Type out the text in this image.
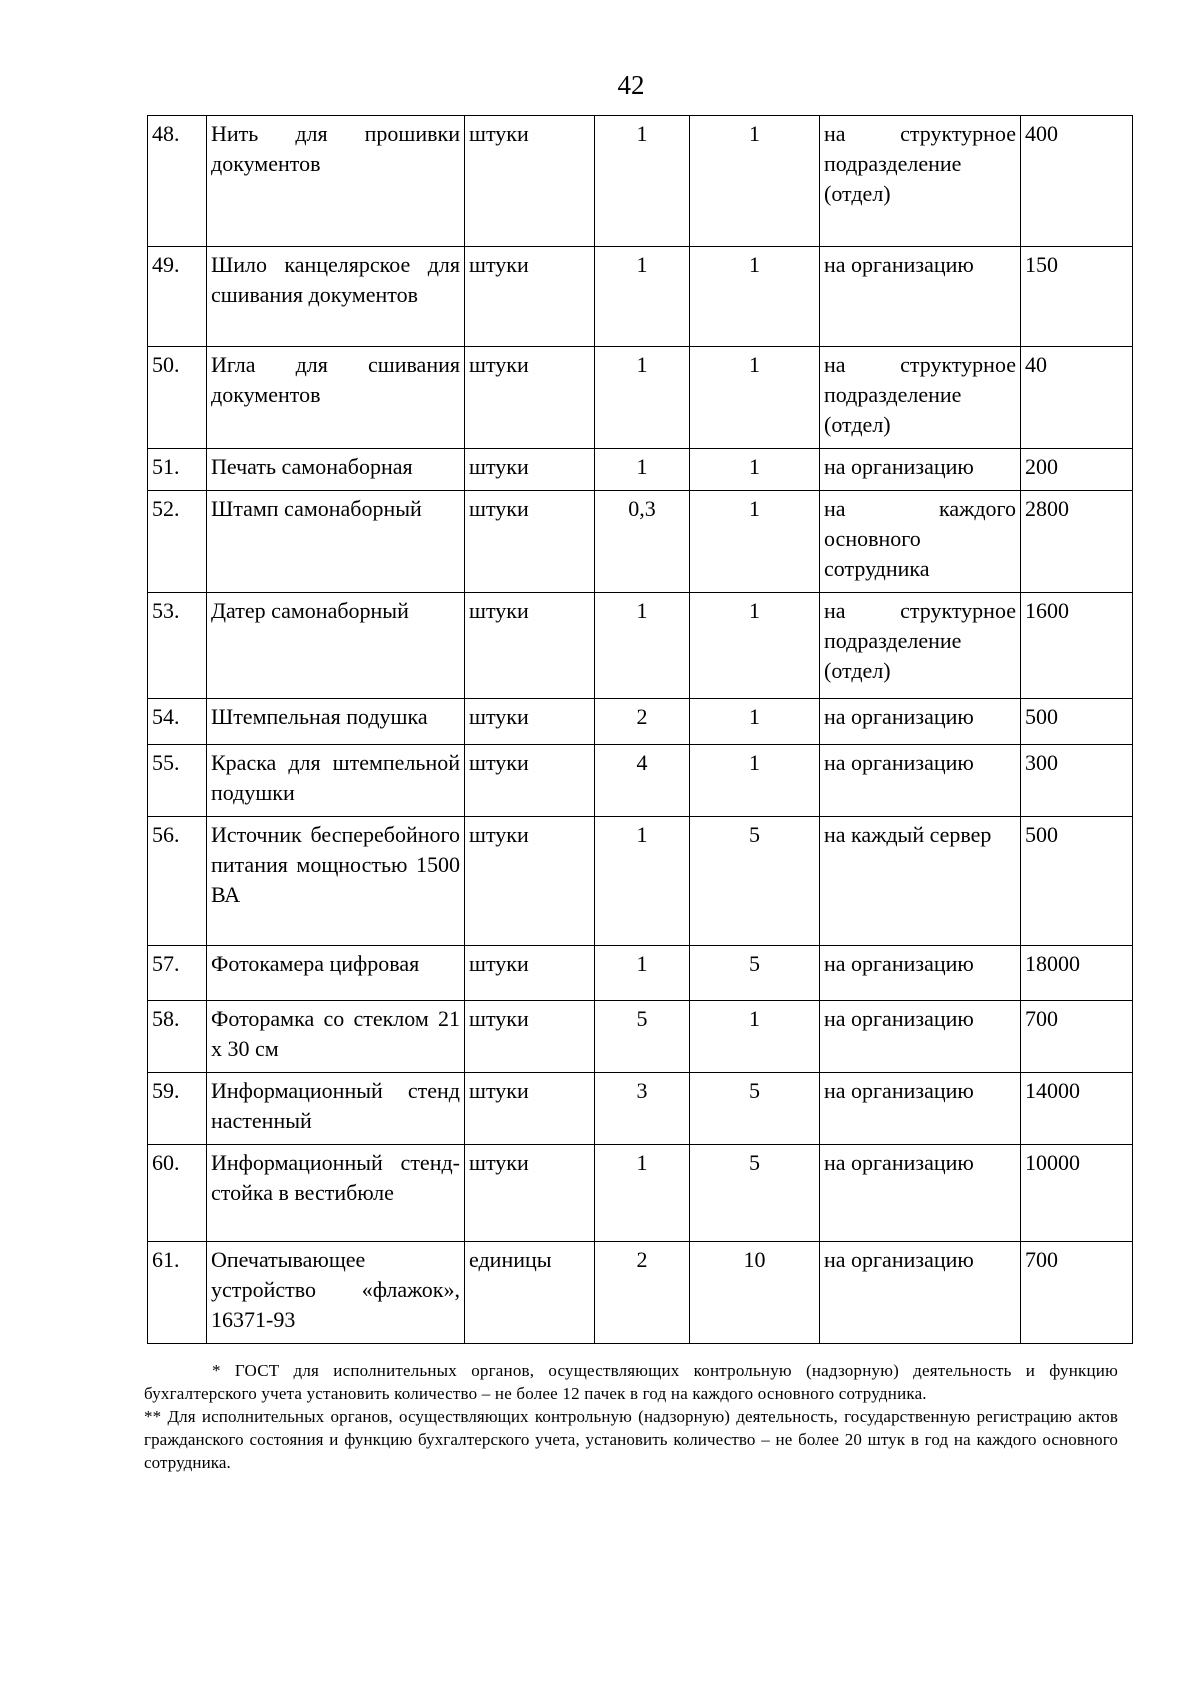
42
48.	Нить для прошивки документов	штуки	1	1	на структурное подразделение (отдел)	400
49.	Шило канцелярское для сшивания документов	штуки	1	1	на организацию	150
50.	Игла для сшивания документов	штуки	1	1	на структурное подразделение (отдел)	40
51.	Печать самонаборная	штуки	1	1	на организацию	200
52.	Штамп самонаборный	штуки	0,3	1	на каждого основного сотрудника	2800
53.	Датер самонаборный	штуки	1	1	на структурное подразделение (отдел)	1600
54.	Штемпельная подушка	штуки	2	1	на организацию	500
55.	Краска для штемпельной подушки	штуки	4	1	на организацию	300
56.	Источник бесперебойного питания мощностью 1500 ВА	штуки	1	5	на каждый сервер	500
57.	Фотокамера цифровая	штуки	1	5	на организацию	18000
58.	Фоторамка со стеклом 21 х 30 см	штуки	5	1	на организацию	700
59.	Информационный стенд настенный	штуки	3	5	на организацию	14000
60.	Информационный стенд-стойка в вестибюле	штуки	1	5	на организацию	10000
61.	Опечатывающее устройство «флажок», 16371-93	единицы	2	10	на организацию	700

* ГОСТ для исполнительных органов, осуществляющих контрольную (надзорную) деятельность и функцию бухгалтерского учета установить количество – не более 12 пачек в год на каждого основного сотрудника.

** Для исполнительных органов, осуществляющих контрольную (надзорную) деятельность, государственную регистрацию актов гражданского состояния и функцию бухгалтерского учета, установить количество – не более 20 штук в год на каждого основного сотрудника.
